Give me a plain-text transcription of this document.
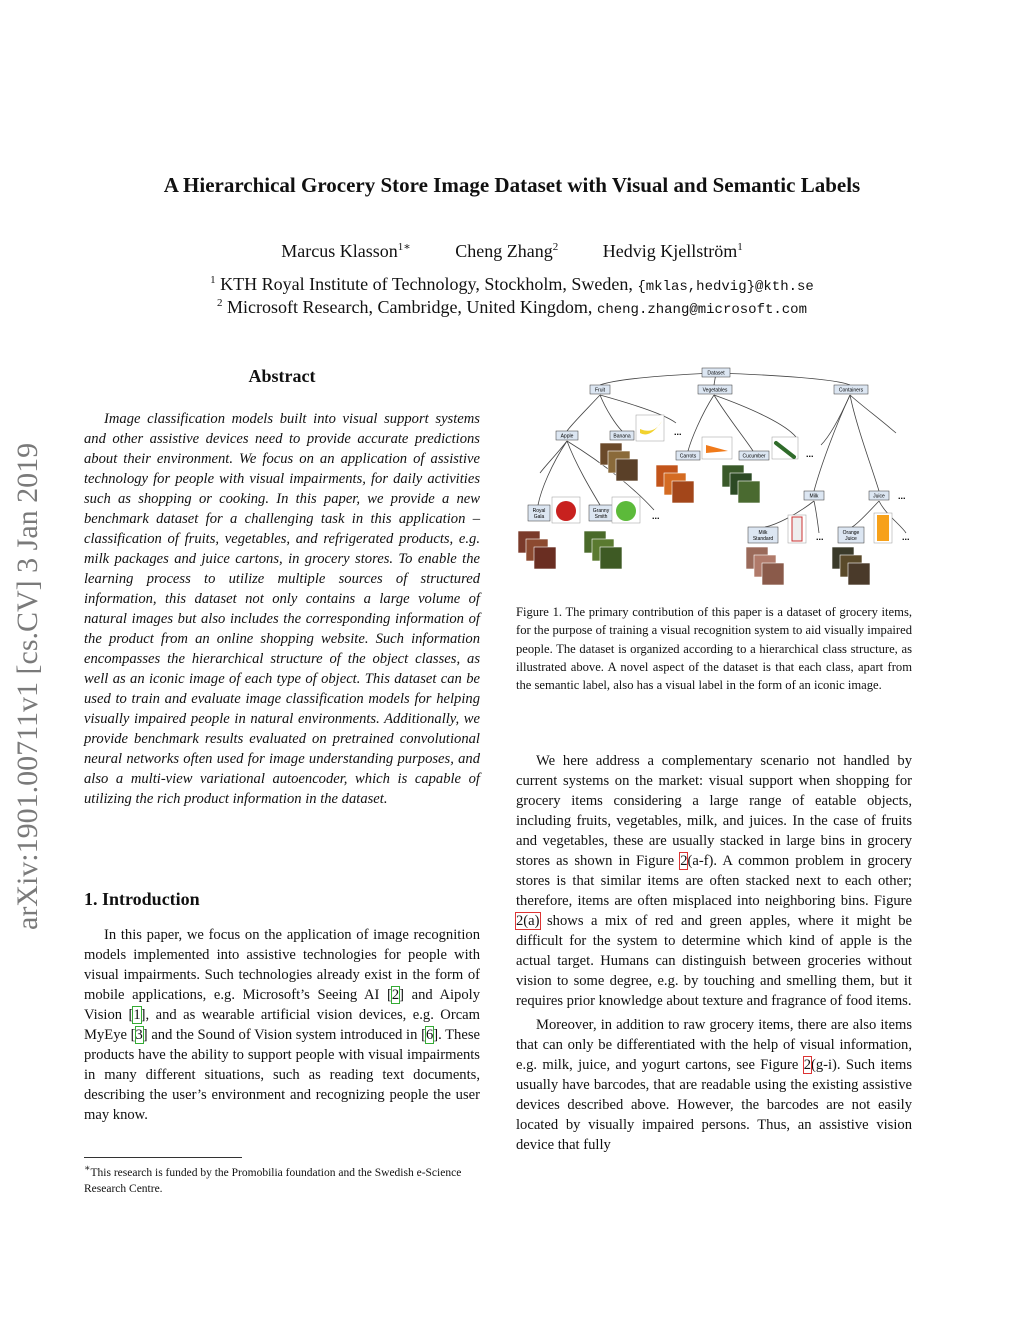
arXiv:1901.00711v1 [cs.CV] 3 Jan 2019
A Hierarchical Grocery Store Image Dataset with Visual and Semantic Labels
Marcus Klasson$^{1∗}$ Cheng Zhang$^2$ Hedvig Kjellström$^1$
$^1$ KTH Royal Institute of Technology, Stockholm, Sweden, {mklas,hedvig}@kth.se
$^2$ Microsoft Research, Cambridge, United Kingdom, cheng.zhang@microsoft.com
Abstract

Image classification models built into visual support systems and other assistive devices need to provide accurate predictions about their environment. We focus on an application of assistive technology for people with visual impairments, for daily activities such as shopping or cooking. In this paper, we provide a new benchmark dataset for a challenging task in this application – classification of fruits, vegetables, and refrigerated products, e.g. milk packages and juice cartons, in grocery stores. To enable the learning process to utilize multiple sources of structured information, this dataset not only contains a large volume of natural images but also includes the corresponding information of the product from an online shopping website. Such information encompasses the hierarchical structure of the object classes, as well as an iconic image of each type of object. This dataset can be used to train and evaluate image classification models for helping visually impaired people in natural environments. Additionally, we provide benchmark results evaluated on pretrained convolutional neural networks often used for image understanding purposes, and also a multi-view variational autoencoder, which is capable of utilizing the rich product information in the dataset.

1. Introduction

In this paper, we focus on the application of image recognition models implemented into assistive technologies for people with visual impairments. Such technologies already exist in the form of mobile applications, e.g. Microsoft’s Seeing AI [2] and Aipoly Vision [1], and as wearable artificial vision devices, e.g. Orcam MyEye [3] and the Sound of Vision system introduced in [6]. These products have the ability to support people with visual impairments in many different situations, such as reading text documents, describing the user’s environment and recognizing people the user may know.

∗This research is funded by the Promobilia foundation and the Swedish e-Science Research Centre.
Dataset
Fruit	Vegetables	Containers
Apple	Banana
Carrots	Cucumber
Milk	Juice
Royal
Gala
Granny
Smith
Milk
Standard
Orange
Juice
...
...
...
...
...	...
Figure 1. The primary contribution of this paper is a dataset of grocery items, for the purpose of training a visual recognition system to aid visually impaired people. The dataset is organized according to a hierarchical class structure, as illustrated above. A novel aspect of the dataset is that each class, apart from the semantic label, also has a visual label in the form of an iconic image.

We here address a complementary scenario not handled by current systems on the market: visual support when shopping for grocery items considering a large range of eatable objects, including fruits, vegetables, milk, and juices. In the case of fruits and vegetables, these are usually stacked in large bins in grocery stores as shown in Figure 2(a-f). A common problem in grocery stores is that similar items are often stacked next to each other; therefore, items are often misplaced into neighboring bins. Figure 2(a) shows a mix of red and green apples, where it might be difficult for the system to determine which kind of apple is the actual target. Humans can distinguish between groceries without vision to some degree, e.g. by touching and smelling them, but it requires prior knowledge about texture and fragrance of food items.

Moreover, in addition to raw grocery items, there are also items that can only be differentiated with the help of visual information, e.g. milk, juice, and yogurt cartons, see Figure 2(g-i). Such items usually have barcodes, that are readable using the existing assistive devices described above. However, the barcodes are not easily located by visually impaired persons. Thus, an assistive vision device that fully
